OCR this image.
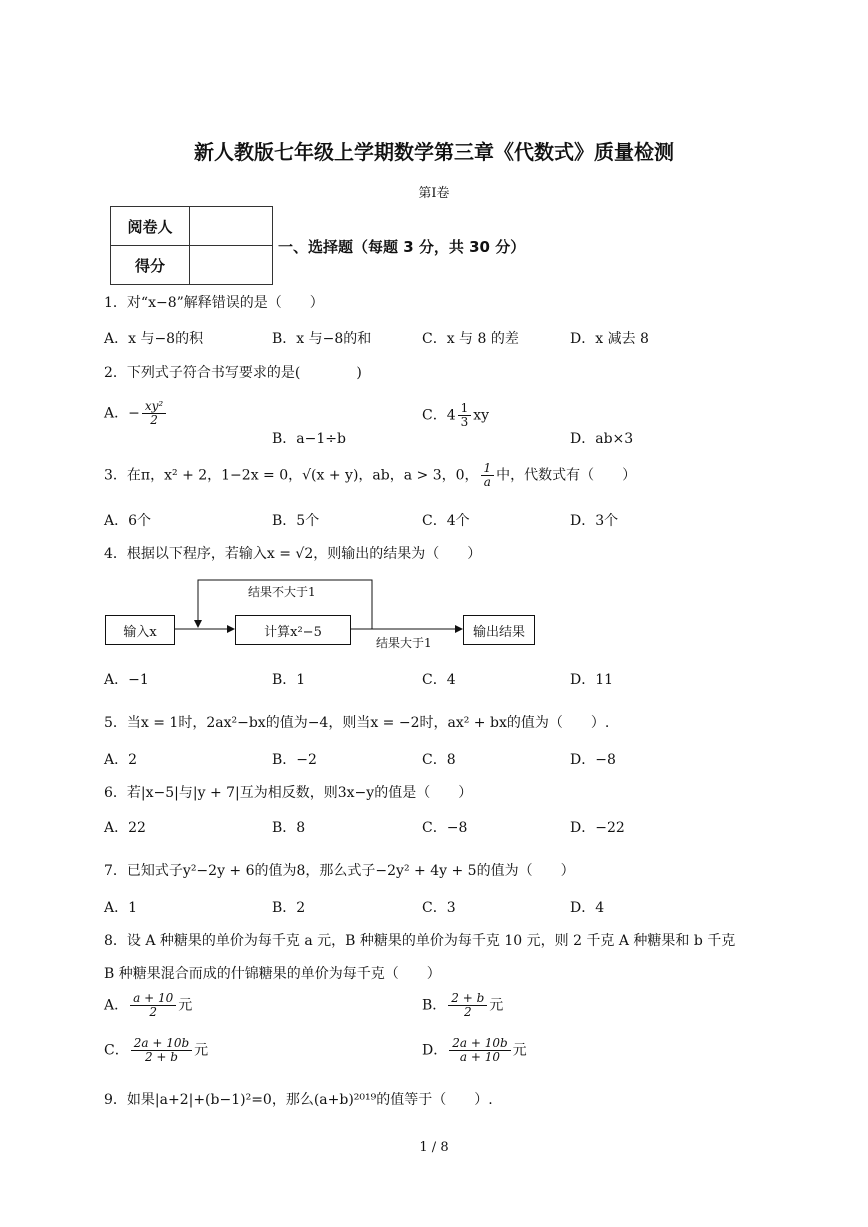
新人教版七年级上学期数学第三章《代数式》质量检测
第Ⅰ卷
阅卷人	
得分	
一、选择题（每题 3 分，共 30 分）
1．对“x−8”解释错误的是（　　）
A．x 与−8的积	B．x 与−8的和	C．x 与 8 的差	D．x 减去 8
2．下列式子符合书写要求的是(　　　　)
A．− $\frac{\text{xy²}}{2}$
B．a−1÷b
C．$4 \frac{1}{3}$ xy
D．ab×3
3．在π，x² + 2，1−2x = 0，√(x + y)，ab，a > 3，0， $\frac{1}{a}$ 中，代数式有（　　）
A．6个	B．5个	C．4个	D．3个
4．根据以下程序，若输入x = √2，则输出的结果为（　　）
输入x	计算x²−5	输出结果
结果不大于1
结果大于1
A．−1	B．1	C．4	D．11
5．当x = 1时，2ax²−bx的值为−4，则当x = −2时，ax² + bx的值为（　　）.
A．2	B．−2	C．8	D．−8
6．若|x−5|与|y + 7|互为相反数，则3x−y的值是（　　）
A．22	B．8	C．−8	D．−22
7．已知式子y²−2y + 6的值为8，那么式子−2y² + 4y + 5的值为（　　）
A．1	B．2	C．3	D．4
8．设 A 种糖果的单价为每千克 a 元，B 种糖果的单价为每千克 10 元，则 2 千克 A 种糖果和 b 千克
B 种糖果混合而成的什锦糖果的单价为每千克（　　）
A． $\frac{a + 10}{2}$ 元	B． $\frac{2 + b}{2}$ 元
C． $\frac{2a + 10b}{2 + b}$ 元	D． $\frac{2a + 10b}{a + 10}$ 元
9．如果|a+2|+(b−1)²=0，那么(a+b)²⁰¹⁹的值等于（　　）.
1 / 8
